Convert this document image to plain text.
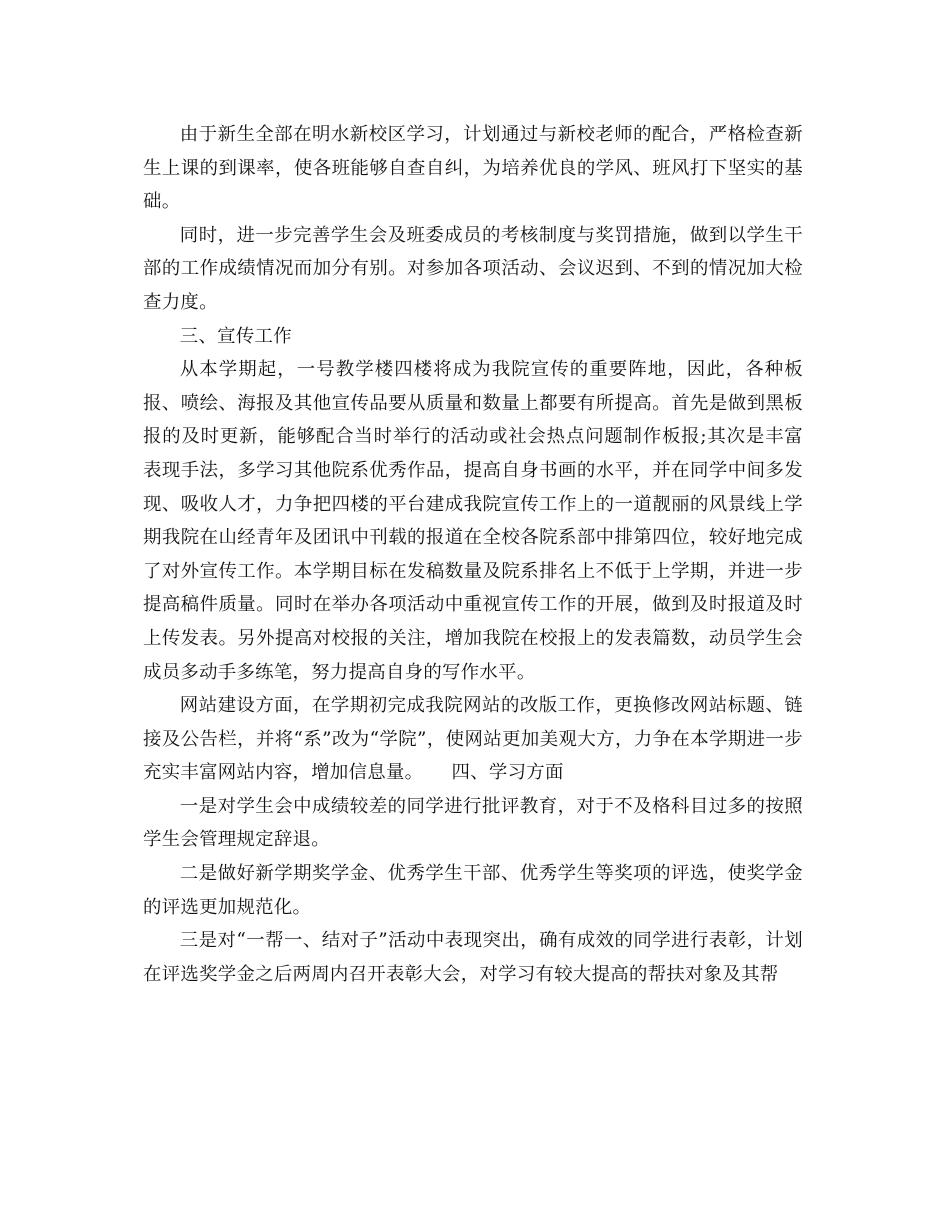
由于新生全部在明水新校区学习，计划通过与新校老师的配合，严格检查新生上课的到课率，使各班能够自查自纠，为培养优良的学风、班风打下坚实的基础。

同时，进一步完善学生会及班委成员的考核制度与奖罚措施，做到以学生干部的工作成绩情况而加分有别。对参加各项活动、会议迟到、不到的情况加大检查力度。

三、宣传工作

从本学期起，一号教学楼四楼将成为我院宣传的重要阵地，因此，各种板报、喷绘、海报及其他宣传品要从质量和数量上都要有所提高。首先是做到黑板报的及时更新，能够配合当时举行的活动或社会热点问题制作板报;其次是丰富表现手法，多学习其他院系优秀作品，提高自身书画的水平，并在同学中间多发现、吸收人才，力争把四楼的平台建成我院宣传工作上的一道靓丽的风景线上学期我院在山经青年及团讯中刊载的报道在全校各院系部中排第四位，较好地完成了对外宣传工作。本学期目标在发稿数量及院系排名上不低于上学期，并进一步提高稿件质量。同时在举办各项活动中重视宣传工作的开展，做到及时报道及时上传发表。另外提高对校报的关注，增加我院在校报上的发表篇数，动员学生会成员多动手多练笔，努力提高自身的写作水平。

网站建设方面，在学期初完成我院网站的改版工作，更换修改网站标题、链接及公告栏，并将“系”改为“学院”，使网站更加美观大方，力争在本学期进一步充实丰富网站内容，增加信息量。　　四、学习方面

一是对学生会中成绩较差的同学进行批评教育，对于不及格科目过多的按照学生会管理规定辞退。

二是做好新学期奖学金、优秀学生干部、优秀学生等奖项的评选，使奖学金的评选更加规范化。

三是对“一帮一、结对子”活动中表现突出，确有成效的同学进行表彰，计划在评选奖学金之后两周内召开表彰大会，对学习有较大提高的帮扶对象及其帮
